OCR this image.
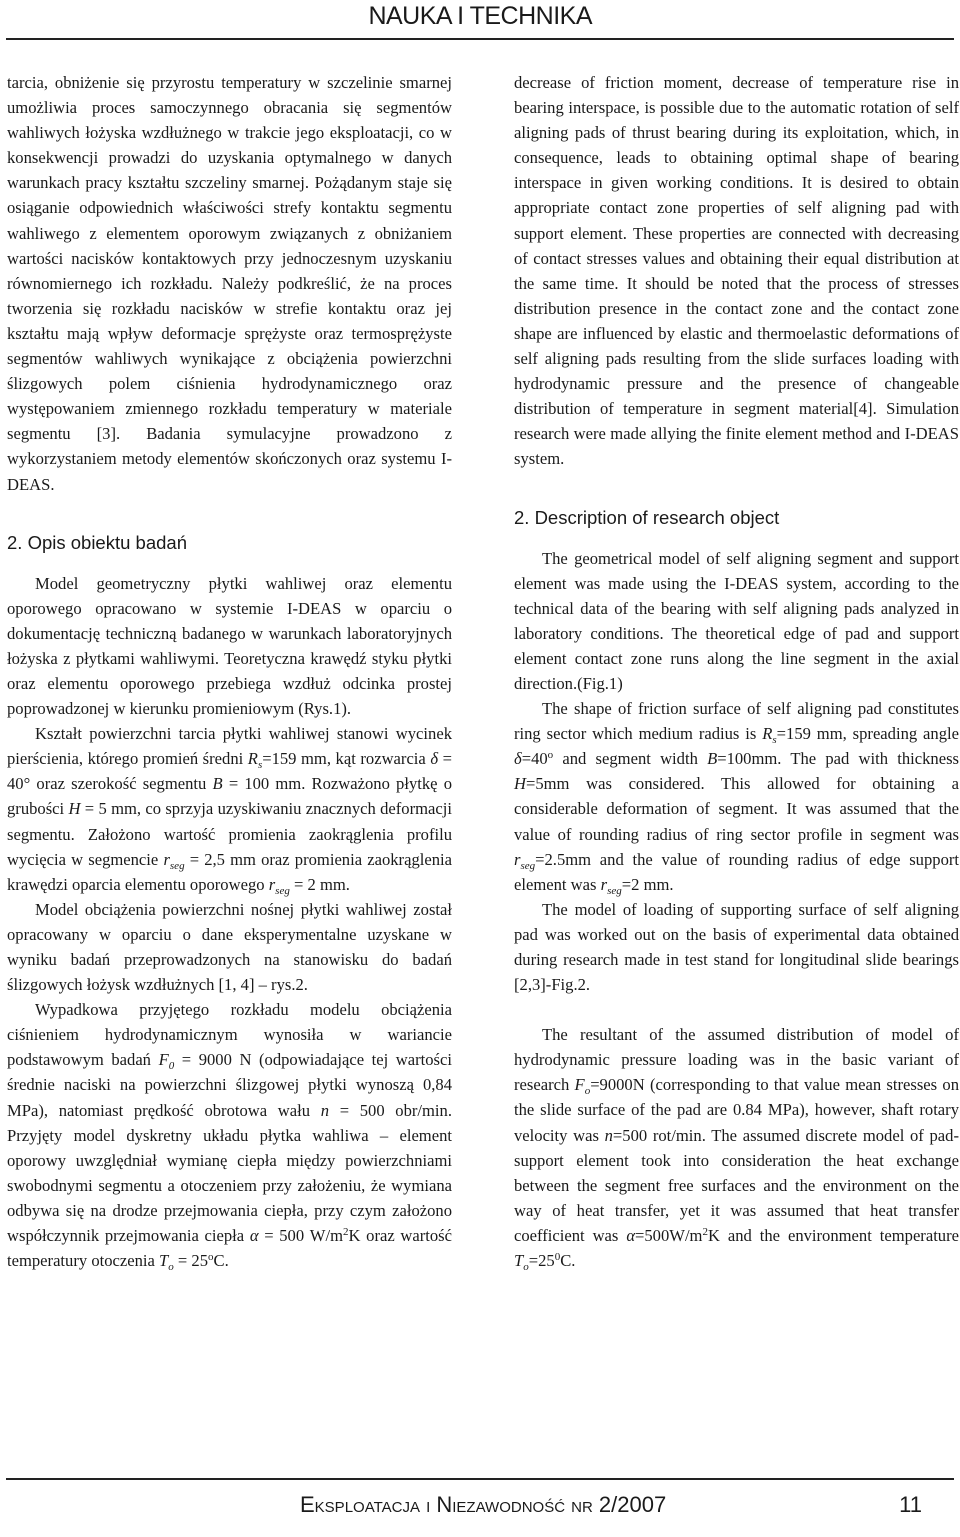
NAUKA I TECHNIKA

tarcia, obniżenie się przyrostu temperatury w szczelinie smarnej umożliwia proces samoczynnego obracania się segmentów wahliwych łożyska wzdłużnego w trakcie jego eksploatacji, co w konsekwencji prowadzi do uzyskania optymalnego w danych warunkach pracy kształtu szczeliny smarnej. Pożądanym staje się osiąganie odpowiednich właściwości strefy kontaktu segmentu wahliwego z elementem oporowym związanych z obniżaniem wartości nacisków kontaktowych przy jednoczesnym uzyskaniu równomiernego ich rozkładu. Należy podkreślić, że na proces tworzenia się rozkładu nacisków w strefie kontaktu oraz jej kształtu mają wpływ deformacje sprężyste oraz termosprężyste segmentów wahliwych wynikające z obciążenia powierzchni ślizgowych polem ciśnienia hydrodynamicznego oraz występowaniem zmiennego rozkładu temperatury w materiale segmentu [3]. Badania symulacyjne prowadzono z wykorzystaniem metody elementów skończonych oraz systemu I-DEAS.

2. Opis obiektu badań

Model geometryczny płytki wahliwej oraz elementu oporowego opracowano w systemie I-DEAS w oparciu o dokumentację techniczną badanego w warunkach laboratoryjnych łożyska z płytkami wahliwymi. Teoretyczna krawędź styku płytki oraz elementu oporowego przebiega wzdłuż odcinka prostej poprowadzonej w kierunku promieniowym (Rys.1).

Kształt powierzchni tarcia płytki wahliwej stanowi wycinek pierścienia, którego promień średni $R_s=159$ mm, kąt rozwarcia δ = 40° oraz szerokość segmentu B = 100 mm. Rozważono płytkę o grubości H = 5 mm, co sprzyja uzyskiwaniu znacznych deformacji segmentu. Założono wartość promienia zaokrąglenia profilu wycięcia w segmencie $r_{seg} = 2,5$ mm oraz promienia zaokrąglenia krawędzi oparcia elementu oporowego $r_{seg} = 2$ mm.

Model obciążenia powierzchni nośnej płytki wahliwej został opracowany w oparciu o dane eksperymentalne uzyskane w wyniku badań przeprowadzonych na stanowisku do badań ślizgowych łożysk wzdłużnych [1, 4] – rys.2.

Wypadkowa przyjętego rozkładu modelu obciążenia ciśnieniem hydrodynamicznym wynosiła w wariancie podstawowym badań $F_0 = 9000$ N (odpowiadające tej wartości średnie naciski na powierzchni ślizgowej płytki wynoszą 0,84 MPa), natomiast prędkość obrotowa wału n = 500 obr/min. Przyjęty model dyskretny układu płytka wahliwa – element oporowy uwzględniał wymianę ciepła między powierzchniami swobodnymi segmentu a otoczeniem przy założeniu, że wymiana odbywa się na drodze przejmowania ciepła, przy czym założono współczynnik przejmowania ciepła α = 500 $W/m^2K$ oraz wartość temperatury otoczenia $T_o = 25^oC$.

decrease of friction moment, decrease of temperature rise in bearing interspace, is possible due to the automatic rotation of self aligning pads of thrust bearing during its exploitation, which, in consequence, leads to obtaining optimal shape of bearing interspace in given working conditions. It is desired to obtain appropriate contact zone properties of self aligning pad with support element. These properties are connected with decreasing of contact stresses values and obtaining their equal distribution at the same time. It should be noted that the process of stresses distribution presence in the contact zone and the contact zone shape are influenced by elastic and thermoelastic deformations of self aligning pads resulting from the slide surfaces loading with hydrodynamic pressure and the presence of changeable distribution of temperature in segment material[4]. Simulation research were made allying the finite element method and I-DEAS system.

2. Description of research object

The geometrical model of self aligning segment and support element was made using the I-DEAS system, according to the technical data of the bearing with self aligning pads analyzed in laboratory conditions. The theoretical edge of pad and support element contact zone runs along the line segment in the axial direction.(Fig.1)

The shape of friction surface of self aligning pad constitutes ring sector which medium radius is $R_s=159$ mm, spreading angle $\delta=40^o$ and segment width B=100mm. The pad with thickness H=5mm was considered. This allowed for obtaining a considerable deformation of segment. It was assumed that the value of rounding radius of ring sector profile in segment was $r_{seg}=2.5mm$ and the value of rounding radius of edge support element was $r_{seg}=2$ mm.

The model of loading of supporting surface of self aligning pad was worked out on the basis of experimental data obtained during research made in test stand for longitudinal slide bearings [2,3]-Fig.2.

The resultant of the assumed distribution of model of hydrodynamic pressure loading was in the basic variant of research $F_o=9000N$ (corresponding to that value mean stresses on the slide surface of the pad are 0.84 MPa), however, shaft rotary velocity was n=500 rot/min. The assumed discrete model of pad-support element took into consideration the heat exchange between the segment free surfaces and the environment on the way of heat transfer, yet it was assumed that heat transfer coefficient was $\alpha=500W/m^2K$ and the environment temperature $T_o=25^0C$.

Eksploatacja i Niezawodność nr 2/2007	11
